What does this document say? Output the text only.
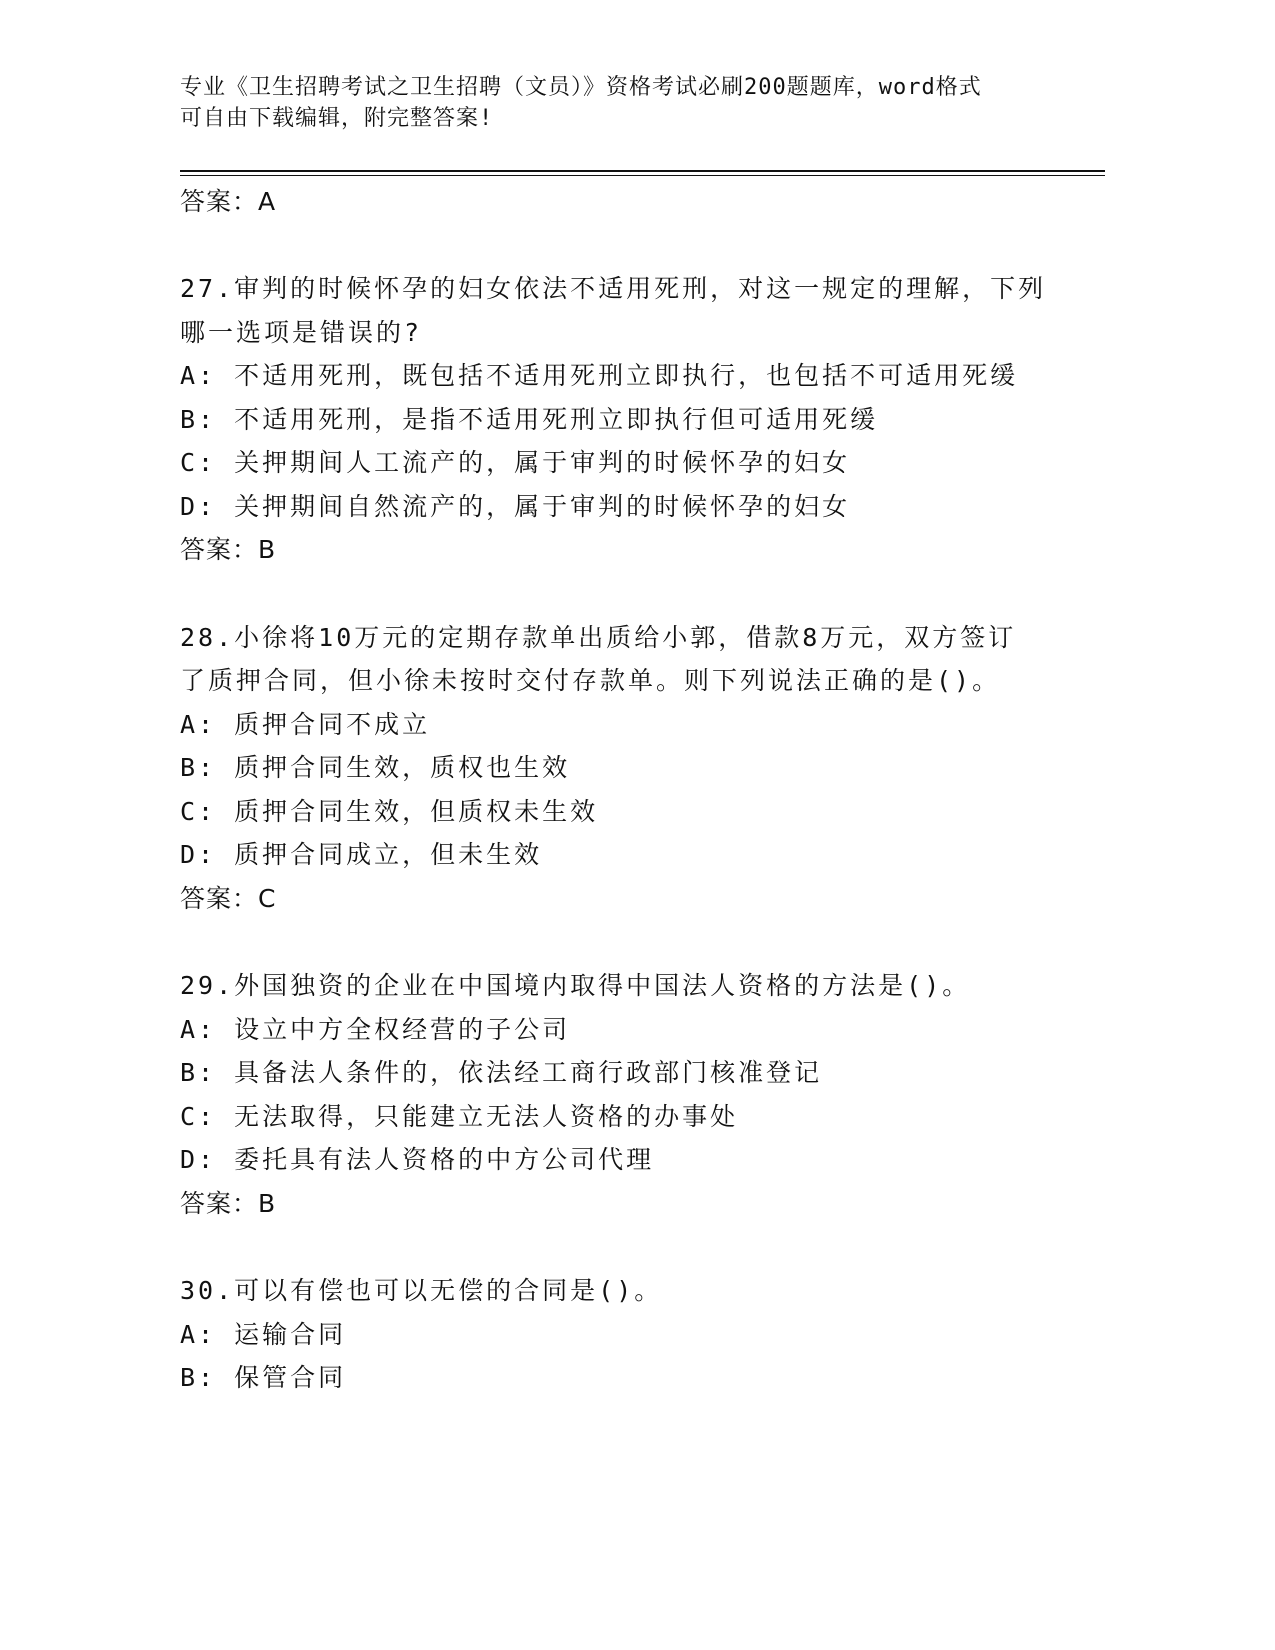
专业《卫生招聘考试之卫生招聘（文员）》资格考试必刷200题题库，word格式
可自由下载编辑，附完整答案!
答案：A
27.审判的时候怀孕的妇女依法不适用死刑，对这一规定的理解，下列
哪一选项是错误的?
A: 不适用死刑，既包括不适用死刑立即执行，也包括不可适用死缓
B: 不适用死刑，是指不适用死刑立即执行但可适用死缓
C: 关押期间人工流产的，属于审判的时候怀孕的妇女
D: 关押期间自然流产的，属于审判的时候怀孕的妇女
答案：B
28.小徐将10万元的定期存款单出质给小郭，借款8万元，双方签订
了质押合同，但小徐未按时交付存款单。则下列说法正确的是()。
A: 质押合同不成立
B: 质押合同生效，质权也生效
C: 质押合同生效，但质权未生效
D: 质押合同成立，但未生效
答案：C
29.外国独资的企业在中国境内取得中国法人资格的方法是()。
A: 设立中方全权经营的子公司
B: 具备法人条件的，依法经工商行政部门核准登记
C: 无法取得，只能建立无法人资格的办事处
D: 委托具有法人资格的中方公司代理
答案：B
30.可以有偿也可以无偿的合同是()。
A: 运输合同
B: 保管合同
